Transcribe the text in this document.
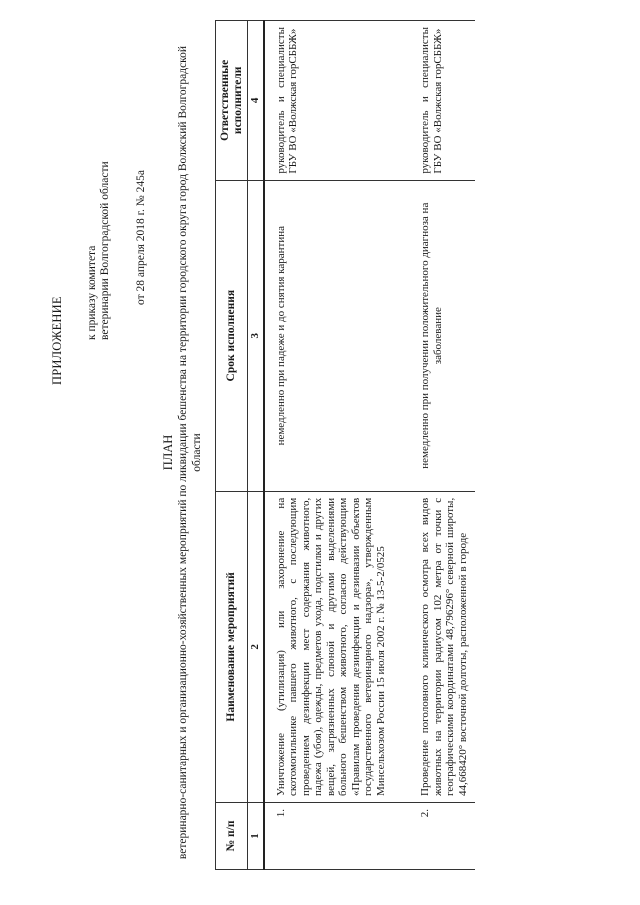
ПРИЛОЖЕНИЕ
к приказу комитета ветеринарии Волгоградской области от 28 апреля 2018 г. № 245а
ПЛАН ветеринарно-санитарных и организационно-хозяйственных мероприятий по ликвидации бешенства на территории городского округа город Волжский Волгоградской области
№ п/п	Наименование мероприятий	Срок исполнения	Ответственные исполнители
1	2	3	4
1.	Уничтожение (утилизация) или захоронение на скотомогильнике павшего животного, с последующим проведением дезинфекции мест содержания животного, падежа (убоя), одежды, предметов ухода, подстилки и других вещей, загрязненных слюной и другими выделениями больного бешенством животного, согласно действующим «Правилам проведения дезинфекции и дезинвазии объектов государственного ветеринарного надзора», утвержденным Минсельхозом России 15 июля 2002 г. № 13-5-2/0525	немедленно при падеже и до снятия карантина	руководитель и специалисты ГБУ ВО «Волжская горСББЖ»

2.	Проведение поголовного клинического осмотра всех видов животных на территории радиусом 102 метра от точки с географическими координатами 48,796296° северной широты, 44,668420° восточной долготы, расположенной в городе	немедленно при получении положительного диагноза на заболевание	руководитель и специалисты ГБУ ВО «Волжская горСББЖ»
